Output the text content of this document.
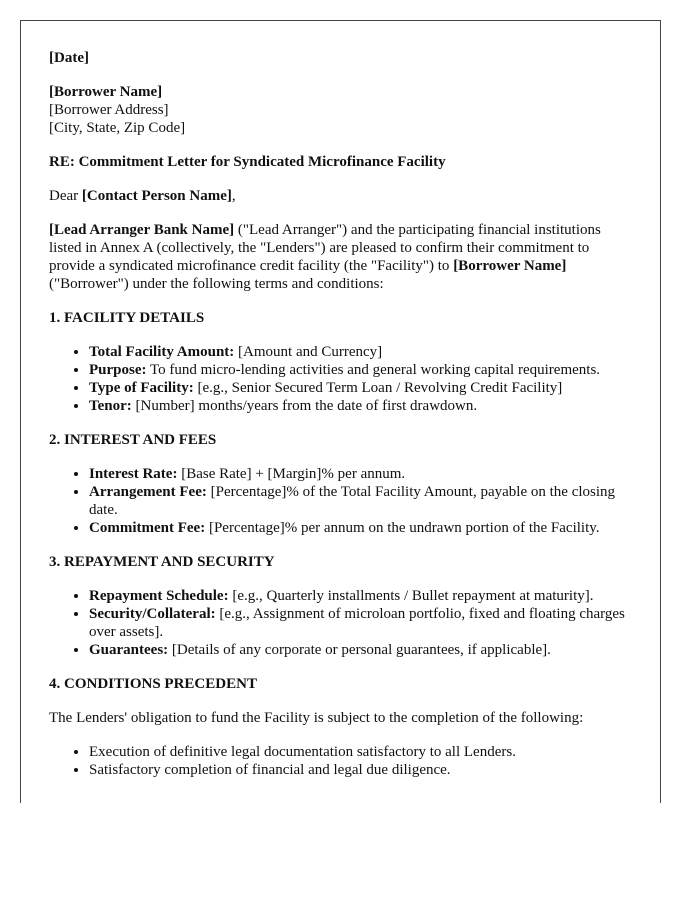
[Date]

[Borrower Name]
[Borrower Address]
[City, State, Zip Code]

RE: Commitment Letter for Syndicated Microfinance Facility

Dear [Contact Person Name],

[Lead Arranger Bank Name] ("Lead Arranger") and the participating financial institutions listed in Annex A (collectively, the "Lenders") are pleased to confirm their commitment to provide a syndicated microfinance credit facility (the "Facility") to [Borrower Name] ("Borrower") under the following terms and conditions:

1. FACILITY DETAILS
• Total Facility Amount: [Amount and Currency]
• Purpose: To fund micro-lending activities and general working capital requirements.
• Type of Facility: [e.g., Senior Secured Term Loan / Revolving Credit Facility]
• Tenor: [Number] months/years from the date of first drawdown.
2. INTEREST AND FEES
• Interest Rate: [Base Rate] + [Margin]% per annum.
• Arrangement Fee: [Percentage]% of the Total Facility Amount, payable on the closing date.
• Commitment Fee: [Percentage]% per annum on the undrawn portion of the Facility.
3. REPAYMENT AND SECURITY
• Repayment Schedule: [e.g., Quarterly installments / Bullet repayment at maturity].
• Security/Collateral: [e.g., Assignment of microloan portfolio, fixed and floating charges over assets].
• Guarantees: [Details of any corporate or personal guarantees, if applicable].
4. CONDITIONS PRECEDENT

The Lenders' obligation to fund the Facility is subject to the completion of the following:

• Execution of definitive legal documentation satisfactory to all Lenders.
• Satisfactory completion of financial and legal due diligence.
